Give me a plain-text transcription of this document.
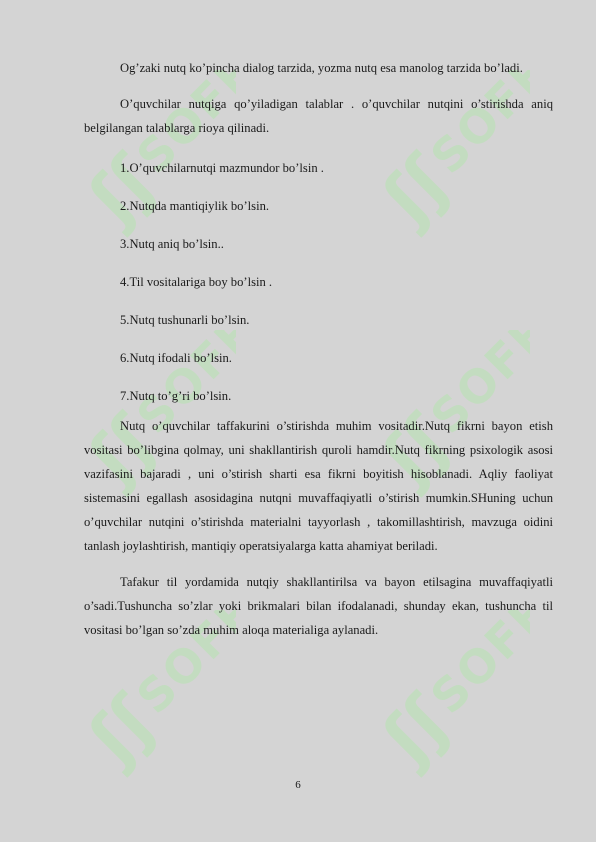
Og’zaki nutq ko’pincha dialog tarzida, yozma nutq esa manolog tarzida bo’ladi.

O’quvchilar nutqiga qo’yiladigan talablar . o’quvchilar nutqini o’stirishda aniq belgilangan talablarga rioya qilinadi.

1.O’quvchilarnutqi mazmundor bo’lsin .

2.Nutqda mantiqiylik bo’lsin.

3.Nutq aniq bo’lsin..

4.Til vositalariga boy bo’lsin .

5.Nutq tushunarli bo’lsin.

6.Nutq ifodali bo’lsin.

7.Nutq to’g’ri bo’lsin.

Nutq o’quvchilar taffakurini o’stirishda muhim vositadir.Nutq fikrni bayon etish vositasi bo’libgina qolmay, uni shakllantirish quroli hamdir.Nutq fikrning psixologik asosi vazifasini bajaradi , uni o’stirish sharti esa fikrni boyitish hisoblanadi. Aqliy faoliyat sistemasini egallash asosidagina nutqni muvaffaqiyatli o’stirish mumkin.SHuning uchun o’quvchilar nutqini o’stirishda materialni tayyorlash , takomillashtirish, mavzuga oidini tanlash joylashtirish, mantiqiy operatsiyalarga katta ahamiyat beriladi.

Tafakur til yordamida nutqiy shakllantirilsa va bayon etilsagina muvaffaqiyatli o’sadi.Tushuncha so’zlar yoki brikmalari bilan ifodalanadi, shunday ekan, tushuncha til vositasi bo’lgan so’zda muhim aloqa materialiga aylanadi.

6
